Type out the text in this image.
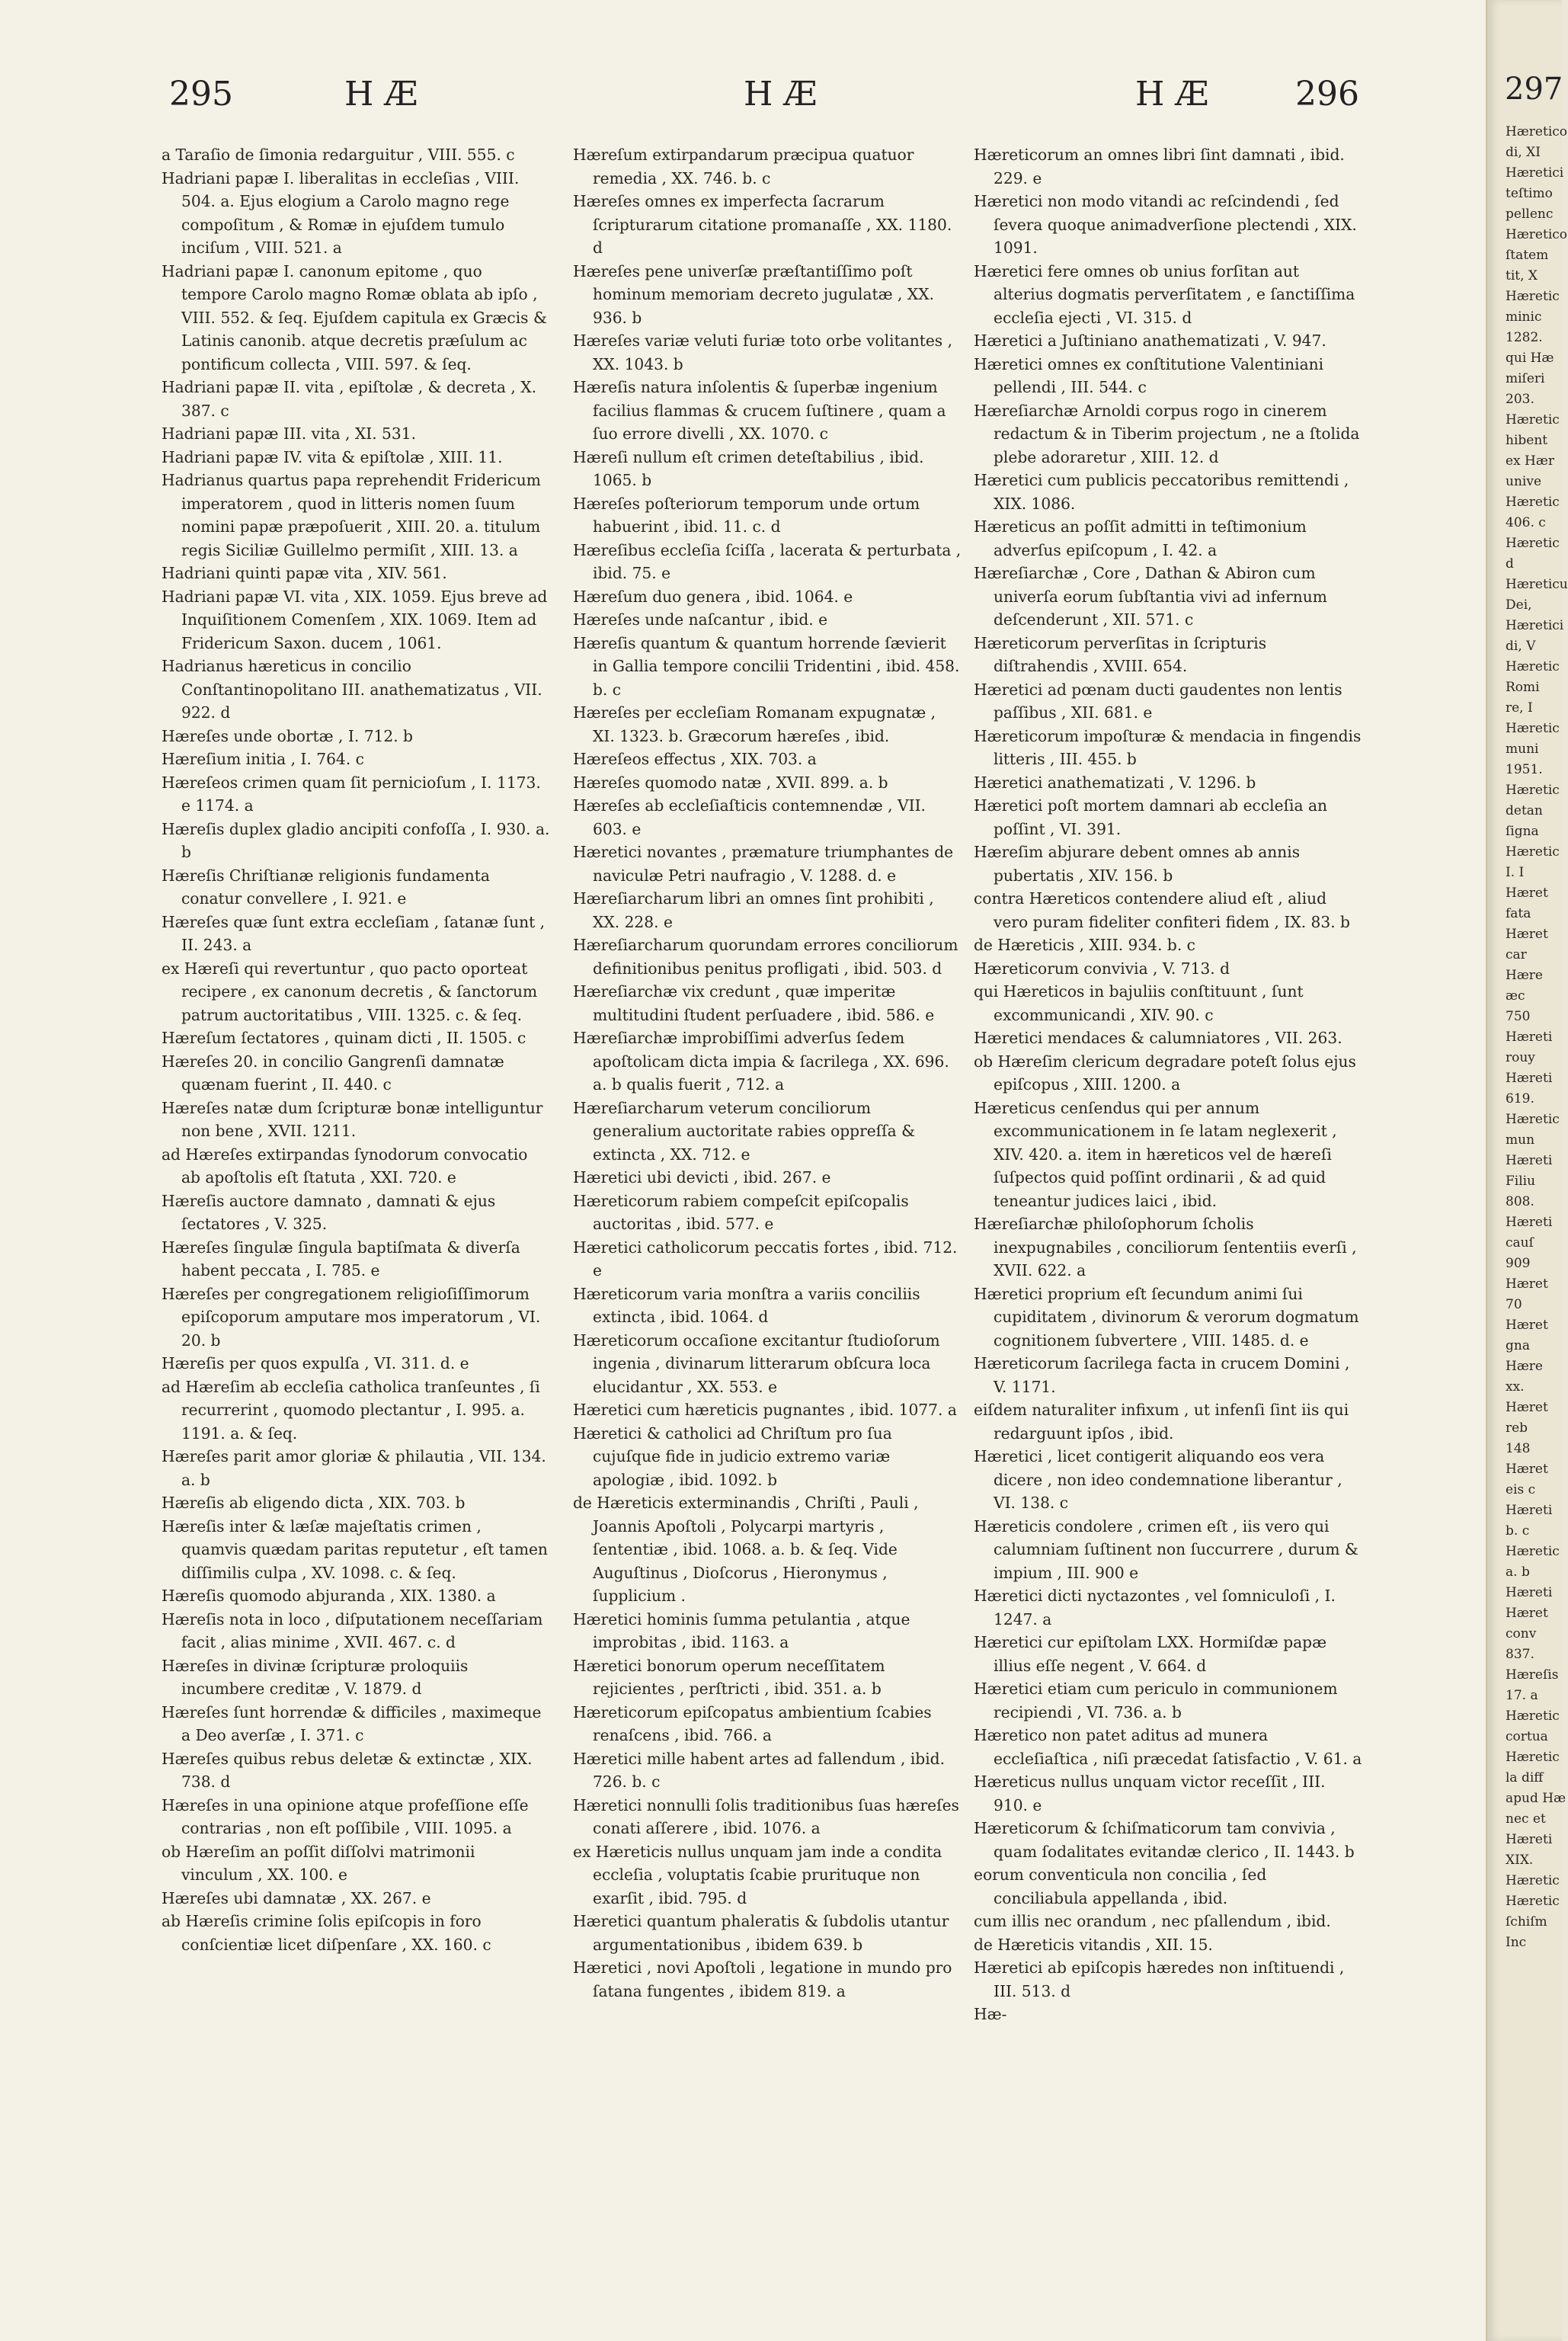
295	H Æ	H Æ	H Æ	296

a Taraſio de ſimonia redarguitur , VIII. 555. c

Hadriani papæ I. liberalitas in eccleſias , VIII. 504. a. Ejus elogium a Carolo magno rege compoſitum , & Romæ in ejuſdem tumulo inciſum , VIII. 521. a

Hadriani papæ I. canonum epitome , quo tempore Carolo magno Romæ oblata ab ipſo , VIII. 552. & ſeq. Ejuſdem capitula ex Græcis & Latinis canonib. atque decretis præſulum ac pontificum collecta , VIII. 597. & ſeq.

Hadriani papæ II. vita , epiſtolæ , & decreta , X. 387. c

Hadriani papæ III. vita , XI. 531.

Hadriani papæ IV. vita & epiſtolæ , XIII. 11.

Hadrianus quartus papa reprehendit Fridericum imperatorem , quod in litteris nomen ſuum nomini papæ præpoſuerit , XIII. 20. a. titulum regis Siciliæ Guillelmo permiſit , XIII. 13. a

Hadriani quinti papæ vita , XIV. 561.

Hadriani papæ VI. vita , XIX. 1059. Ejus breve ad Inquiſitionem Comenſem , XIX. 1069. Item ad Fridericum Saxon. ducem , 1061.

Hadrianus hæreticus in concilio Conſtantinopolitano III. anathematizatus , VII. 922. d

Hæreſes unde obortæ , I. 712. b

Hæreſium initia , I. 764. c

Hæreſeos crimen quam ſit pernicioſum , I. 1173. e 1174. a

Hæreſis duplex gladio ancipiti confoſſa , I. 930. a. b

Hæreſis Chriſtianæ religionis fundamenta conatur convellere , I. 921. e

Hæreſes quæ ſunt extra eccleſiam , ſatanæ ſunt , II. 243. a

ex Hæreſi qui revertuntur , quo pacto oporteat recipere , ex canonum decretis , & ſanctorum patrum auctoritatibus , VIII. 1325. c. & ſeq.

Hæreſum ſectatores , quinam dicti , II. 1505. c

Hæreſes 20. in concilio Gangrenſi damnatæ quænam fuerint , II. 440. c

Hæreſes natæ dum ſcripturæ bonæ intelliguntur non bene , XVII. 1211.

ad Hæreſes extirpandas ſynodorum convocatio ab apoſtolis eſt ſtatuta , XXI. 720. e

Hæreſis auctore damnato , damnati & ejus ſectatores , V. 325.

Hæreſes ſingulæ ſingula baptiſmata & diverſa habent peccata , I. 785. e

Hæreſes per congregationem religioſiſſimorum epiſcoporum amputare mos imperatorum , VI. 20. b

Hæreſis per quos expulſa , VI. 311. d. e

ad Hæreſim ab eccleſia catholica tranſeuntes , ſi recurrerint , quomodo plectantur , I. 995. a. 1191. a. & ſeq.

Hæreſes parit amor gloriæ & philautia , VII. 134. a. b

Hæreſis ab eligendo dicta , XIX. 703. b

Hæreſis inter & læſæ majeſtatis crimen , quamvis quædam paritas reputetur , eſt tamen diſſimilis culpa , XV. 1098. c. & ſeq.

Hæreſis quomodo abjuranda , XIX. 1380. a

Hæreſis nota in loco , diſputationem neceſſariam facit , alias minime , XVII. 467. c. d

Hæreſes in divinæ ſcripturæ proloquiis incumbere creditæ , V. 1879. d

Hæreſes ſunt horrendæ & difficiles , maximeque a Deo averſæ , I. 371. c

Hæreſes quibus rebus deletæ & extinctæ , XIX. 738. d

Hæreſes in una opinione atque profeſſione eſſe contrarias , non eſt poſſibile , VIII. 1095. a

ob Hæreſim an poſſit diſſolvi matrimonii vinculum , XX. 100. e

Hæreſes ubi damnatæ , XX. 267. e

ab Hæreſis crimine ſolis epiſcopis in foro conſcientiæ licet diſpenſare , XX. 160. c

Hæreſum extirpandarum præcipua quatuor remedia , XX. 746. b. c

Hæreſes omnes ex imperfecta ſacrarum ſcripturarum citatione promanaſſe , XX. 1180. d

Hæreſes pene univerſæ præſtantiſſimo poſt hominum memoriam decreto jugulatæ , XX. 936. b

Hæreſes variæ veluti furiæ toto orbe volitantes , XX. 1043. b

Hæreſis natura inſolentis & ſuperbæ ingenium facilius flammas & crucem ſuſtinere , quam a ſuo errore divelli , XX. 1070. c

Hæreſi nullum eſt crimen deteſtabilius , ibid. 1065. b

Hæreſes poſteriorum temporum unde ortum habuerint , ibid. 11. c. d

Hæreſibus eccleſia ſciſſa , lacerata & perturbata , ibid. 75. e

Hæreſum duo genera , ibid. 1064. e

Hæreſes unde naſcantur , ibid. e

Hæreſis quantum & quantum horrende ſævierit in Gallia tempore concilii Tridentini , ibid. 458. b. c

Hæreſes per eccleſiam Romanam expugnatæ , XI. 1323. b. Græcorum hæreſes , ibid.

Hæreſeos effectus , XIX. 703. a

Hæreſes quomodo natæ , XVII. 899. a. b

Hæreſes ab eccleſiaſticis contemnendæ , VII. 603. e

Hæretici novantes , præmature triumphantes de naviculæ Petri naufragio , V. 1288. d. e

Hæreſiarcharum libri an omnes ſint prohibiti , XX. 228. e

Hæreſiarcharum quorundam errores conciliorum definitionibus penitus profligati , ibid. 503. d

Hæreſiarchæ vix credunt , quæ imperitæ multitudini ſtudent perſuadere , ibid. 586. e

Hæreſiarchæ improbiſſimi adverſus ſedem apoſtolicam dicta impia & ſacrilega , XX. 696. a. b qualis fuerit , 712. a

Hæreſiarcharum veterum conciliorum generalium auctoritate rabies oppreſſa & extincta , XX. 712. e

Hæretici ubi devicti , ibid. 267. e

Hæreticorum rabiem compeſcit epiſcopalis auctoritas , ibid. 577. e

Hæretici catholicorum peccatis fortes , ibid. 712. e

Hæreticorum varia monſtra a variis conciliis extincta , ibid. 1064. d

Hæreticorum occaſione excitantur ſtudioſorum ingenia , divinarum litterarum obſcura loca elucidantur , XX. 553. e

Hæretici cum hæreticis pugnantes , ibid. 1077. a

Hæretici & catholici ad Chriſtum pro ſua cujuſque fide in judicio extremo variæ apologiæ , ibid. 1092. b

de Hæreticis exterminandis , Chriſti , Pauli , Joannis Apoſtoli , Polycarpi martyris , ſententiæ , ibid. 1068. a. b. & ſeq. Vide Auguſtinus , Dioſcorus , Hieronymus , ſupplicium .

Hæretici hominis ſumma petulantia , atque improbitas , ibid. 1163. a

Hæretici bonorum operum neceſſitatem rejicientes , perſtricti , ibid. 351. a. b

Hæreticorum epiſcopatus ambientium ſcabies renaſcens , ibid. 766. a

Hæretici mille habent artes ad fallendum , ibid. 726. b. c

Hæretici nonnulli ſolis traditionibus ſuas hæreſes conati aſſerere , ibid. 1076. a

ex Hæreticis nullus unquam jam inde a condita eccleſia , voluptatis ſcabie prurituque non exarſit , ibid. 795. d

Hæretici quantum phaleratis & ſubdolis utantur argumentationibus , ibidem 639. b

Hæretici , novi Apoſtoli , legatione in mundo pro ſatana fungentes , ibidem 819. a

Hæreticorum an omnes libri ſint damnati , ibid. 229. e

Hæretici non modo vitandi ac reſcindendi , ſed ſevera quoque animadverſione plectendi , XIX. 1091.

Hæretici fere omnes ob unius forſitan aut alterius dogmatis perverſitatem , e ſanctiſſima eccleſia ejecti , VI. 315. d

Hæretici a Juſtiniano anathematizati , V. 947.

Hæretici omnes ex conſtitutione Valentiniani pellendi , III. 544. c

Hæreſiarchæ Arnoldi corpus rogo in cinerem redactum & in Tiberim projectum , ne a ſtolida plebe adoraretur , XIII. 12. d

Hæretici cum publicis peccatoribus remittendi , XIX. 1086.

Hæreticus an poſſit admitti in teſtimonium adverſus epiſcopum , I. 42. a

Hæreſiarchæ , Core , Dathan & Abiron cum univerſa eorum ſubſtantia vivi ad infernum deſcenderunt , XII. 571. c

Hæreticorum perverſitas in ſcripturis diſtrahendis , XVIII. 654.

Hæretici ad pœnam ducti gaudentes non lentis paſſibus , XII. 681. e

Hæreticorum impoſturæ & mendacia in fingendis litteris , III. 455. b

Hæretici anathematizati , V. 1296. b

Hæretici poſt mortem damnari ab eccleſia an poſſint , VI. 391.

Hæreſim abjurare debent omnes ab annis pubertatis , XIV. 156. b

contra Hæreticos contendere aliud eſt , aliud vero puram fideliter confiteri fidem , IX. 83. b

de Hæreticis , XIII. 934. b. c

Hæreticorum convivia , V. 713. d

qui Hæreticos in bajuliis conſtituunt , ſunt excommunicandi , XIV. 90. c

Hæretici mendaces & calumniatores , VII. 263.

ob Hæreſim clericum degradare poteſt ſolus ejus epiſcopus , XIII. 1200. a

Hæreticus cenſendus qui per annum excommunicationem in ſe latam neglexerit , XIV. 420. a. item in hæreticos vel de hæreſi ſuſpectos quid poſſint ordinarii , & ad quid teneantur judices laici , ibid.

Hæreſiarchæ philoſophorum ſcholis inexpugnabiles , conciliorum ſententiis everſi , XVII. 622. a

Hæretici proprium eſt ſecundum animi ſui cupiditatem , divinorum & verorum dogmatum cognitionem ſubvertere , VIII. 1485. d. e

Hæreticorum ſacrilega facta in crucem Domini , V. 1171.

eiſdem naturaliter infixum , ut infenſi ſint iis qui redarguunt ipſos , ibid.

Hæretici , licet contigerit aliquando eos vera dicere , non ideo condemnatione liberantur , VI. 138. c

Hæreticis condolere , crimen eſt , iis vero qui calumniam ſuſtinent non ſuccurrere , durum & impium , III. 900 e

Hæretici dicti nyctazontes , vel ſomniculoſi , I. 1247. a

Hæretici cur epiſtolam LXX. Hormiſdæ papæ illius eſſe negent , V. 664. d

Hæretici etiam cum periculo in communionem recipiendi , VI. 736. a. b

Hæretico non patet aditus ad munera eccleſiaſtica , niſi præcedat ſatisfactio , V. 61. a

Hæreticus nullus unquam victor receſſit , III. 910. e

Hæreticorum & ſchiſmaticorum tam convivia , quam ſodalitates evitandæ clerico , II. 1443. b

eorum conventicula non concilia , ſed conciliabula appellanda , ibid.

cum illis nec orandum , nec pſallendum , ibid.

de Hæreticis vitandis , XII. 15.

Hæretici ab epiſcopis hæredes non inſtituendi , III. 513. d

Hæ-

297
Hæretico
di, XI
Hæretici
teſtimo
pellenc
Hæretico
ſtatem
tit, X
Hæretic
minic
1282.
qui Hæ
miſeri
203.
Hæretic
hibent
ex Hær
unive
Hæretic
406. c
Hæretic
d
Hæreticu
Dei,
Hæretici
di, V
Hæretic
Romi
re, I
Hæretic
muni
1951.
Hæretic
detan
ſigna
Hæretic
I. I
Hæret
fata
Hæret
car
Hære
æc
750
Hæreti
rouy
Hæreti
619.
Hæretic
mun
Hæreti
Filiu
808.
Hæreti
cauſ
909
Hæret
70
Hæret
gna
Hære
xx.
Hæret
reb
148
Hæret
eis c
Hæreti
b. c
Hæretic
a. b
Hæreti
Hæret
conv
837.
Hæreſis
17. a
Hæretic
cortua
Hæretic
la diff
apud Hæ
nec et
Hæreti
XIX.
Hæretic
Hæretic
ſchiſm
Inc
